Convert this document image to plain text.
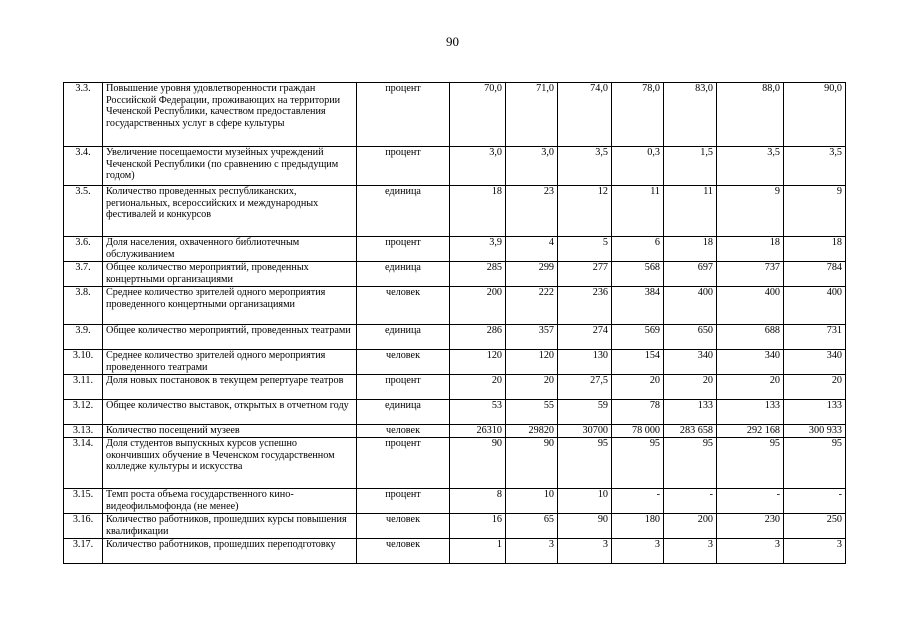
90
3.3.	Повышение уровня удовлетворенности граждан Российской Федерации, проживающих на территории Чеченской Республики, качеством предоставления государственных услуг в сфере культуры	процент	70,0	71,0	74,0	78,0	83,0	88,0	90,0
3.4.	Увеличение посещаемости музейных учреждений Чеченской Республики (по сравнению с предыдущим годом)	процент	3,0	3,0	3,5	0,3	1,5	3,5	3,5
3.5.	Количество проведенных республиканских, региональных, всероссийских и международных фестивалей и конкурсов	единица	18	23	12	11	11	9	9
3.6.	Доля населения, охваченного библиотечным обслуживанием	процент	3,9	4	5	6	18	18	18
3.7.	Общее количество мероприятий, проведенных концертными организациями	единица	285	299	277	568	697	737	784
3.8.	Среднее количество зрителей одного мероприятия проведенного концертными организациями	человек	200	222	236	384	400	400	400
3.9.	Общее количество мероприятий, проведенных театрами	единица	286	357	274	569	650	688	731
3.10.	Среднее количество зрителей одного мероприятия проведенного театрами	человек	120	120	130	154	340	340	340
3.11.	Доля новых постановок в текущем репертуаре театров	процент	20	20	27,5	20	20	20	20
3.12.	Общее количество выставок, открытых в отчетном году	единица	53	55	59	78	133	133	133
3.13.	Количество посещений музеев	человек	26310	29820	30700	78 000	283 658	292 168	300 933
3.14.	Доля студентов выпускных курсов успешно окончивших обучение в Чеченском государственном колледже культуры и искусства	процент	90	90	95	95	95	95	95
3.15.	Темп роста объема государственного кино-видеофильмофонда (не менее)	процент	8	10	10	-	-	-	-
3.16.	Количество работников, прошедших курсы повышения квалификации	человек	16	65	90	180	200	230	250
3.17.	Количество работников, прошедших переподготовку	человек	1	3	3	3	3	3	3
